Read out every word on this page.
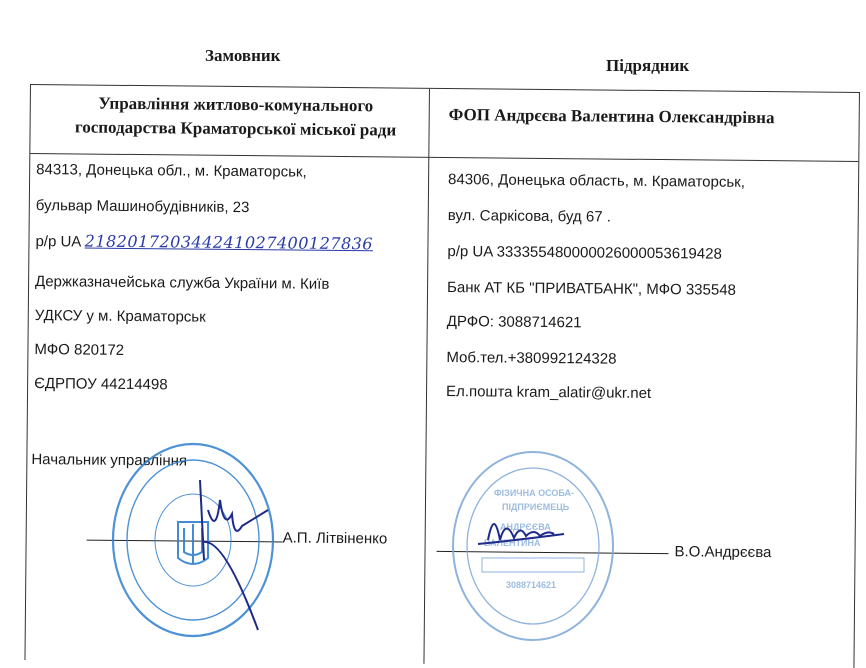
Замовник
Підрядник
Управління житлово-комунального
господарства Краматорської міської ради
ФОП Андрєєва Валентина Олександрівна
84313, Донецька обл., м. Краматорськ,
бульвар Машинобудівників, 23
р/р UA 218201720344241027400127836
Держказначейська служба України м. Київ
УДКСУ у м. Краматорськ
МФО 820172
ЄДРПОУ 44214498
Начальник управління
А.П. Літвіненко
84306, Донецька область, м. Краматорськ,
вул. Саркісова, буд 67 .
р/р UA 333355480000026000053619428
Банк АТ КБ "ПРИВАТБАНК", МФО 335548
ДРФО: 3088714621
Моб.тел.+380992124328
Ел.пошта kram_alatir@ukr.net
В.О.Андрєєва
ФІЗИЧНА ОСОБА-
ПІДПРИЄМЕЦЬ
АНДРЄЄВА
ВАЛЕНТИНА
3088714621
